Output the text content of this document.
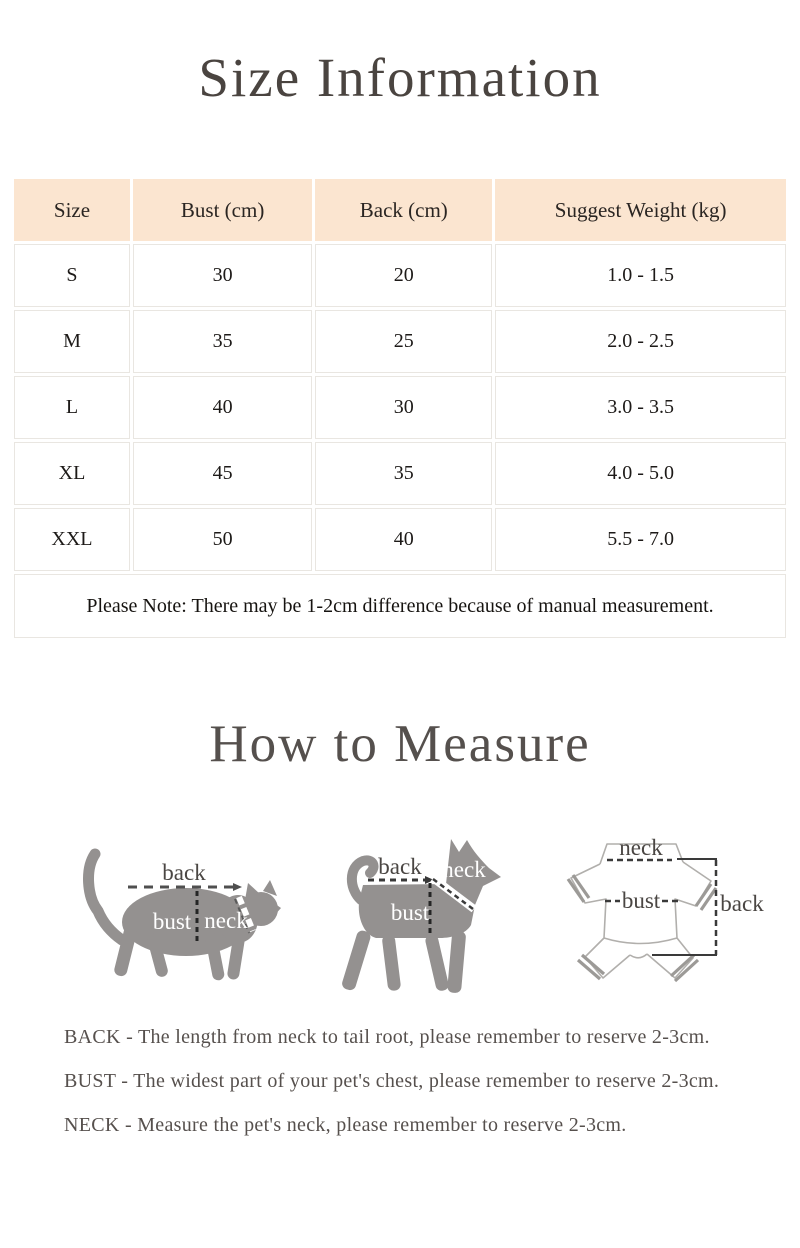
Size Information
Size	Bust (cm)	Back (cm)	Suggest Weight (kg)
S	30	20	1.0 - 1.5
M	35	25	2.0 - 2.5
L	40	30	3.0 - 3.5
XL	45	35	4.0 - 5.0
XXL	50	40	5.5 - 7.0
Please Note: There may be 1-2cm difference because of manual measurement.			
How to Measure
back
bust neck
back neck
bust
neck
bust	back

BACK - The length from neck to tail root, please remember to reserve 2-3cm.

BUST - The widest part of your pet's chest, please remember to reserve 2-3cm.

NECK - Measure the pet's neck, please remember to reserve 2-3cm.
